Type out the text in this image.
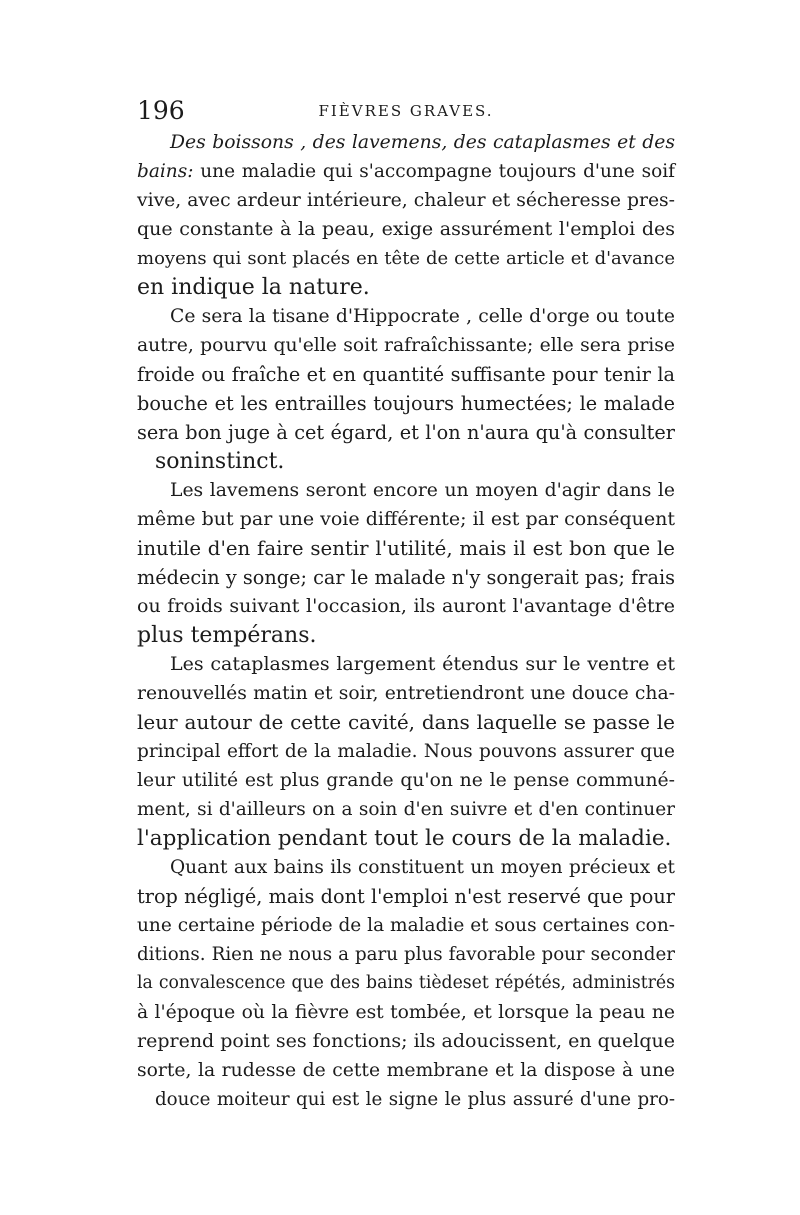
196	FIÈVRES GRAVES.
Des boissons , des lavemens, des cataplasmes et des
bains: une maladie qui s'accompagne toujours d'une soif
vive, avec ardeur intérieure, chaleur et sécheresse pres-
que constante à la peau, exige assurément l'emploi des
moyens qui sont placés en tête de cette article et d'avance
en indique la nature.
Ce sera la tisane d'Hippocrate , celle d'orge ou toute
autre, pourvu qu'elle soit rafraîchissante; elle sera prise
froide ou fraîche et en quantité suffisante pour tenir la
bouche et les entrailles toujours humectées; le malade
sera bon juge à cet égard, et l'on n'aura qu'à consulter
soninstinct.
Les lavemens seront encore un moyen d'agir dans le
même but par une voie différente; il est par conséquent
inutile d'en faire sentir l'utilité, mais il est bon que le
médecin y songe; car le malade n'y songerait pas; frais
ou froids suivant l'occasion, ils auront l'avantage d'être
plus tempérans.
Les cataplasmes largement étendus sur le ventre et
renouvellés matin et soir, entretiendront une douce cha-
leur autour de cette cavité, dans laquelle se passe le
principal effort de la maladie. Nous pouvons assurer que
leur utilité est plus grande qu'on ne le pense communé-
ment, si d'ailleurs on a soin d'en suivre et d'en continuer
l'application pendant tout le cours de la maladie.
Quant aux bains ils constituent un moyen précieux et
trop négligé, mais dont l'emploi n'est reservé que pour
une certaine période de la maladie et sous certaines con-
ditions. Rien ne nous a paru plus favorable pour seconder
la convalescence que des bains tièdeset répétés, administrés
à l'époque où la fièvre est tombée, et lorsque la peau ne
reprend point ses fonctions; ils adoucissent, en quelque
sorte, la rudesse de cette membrane et la dispose à une
douce moiteur qui est le signe le plus assuré d'une pro-
